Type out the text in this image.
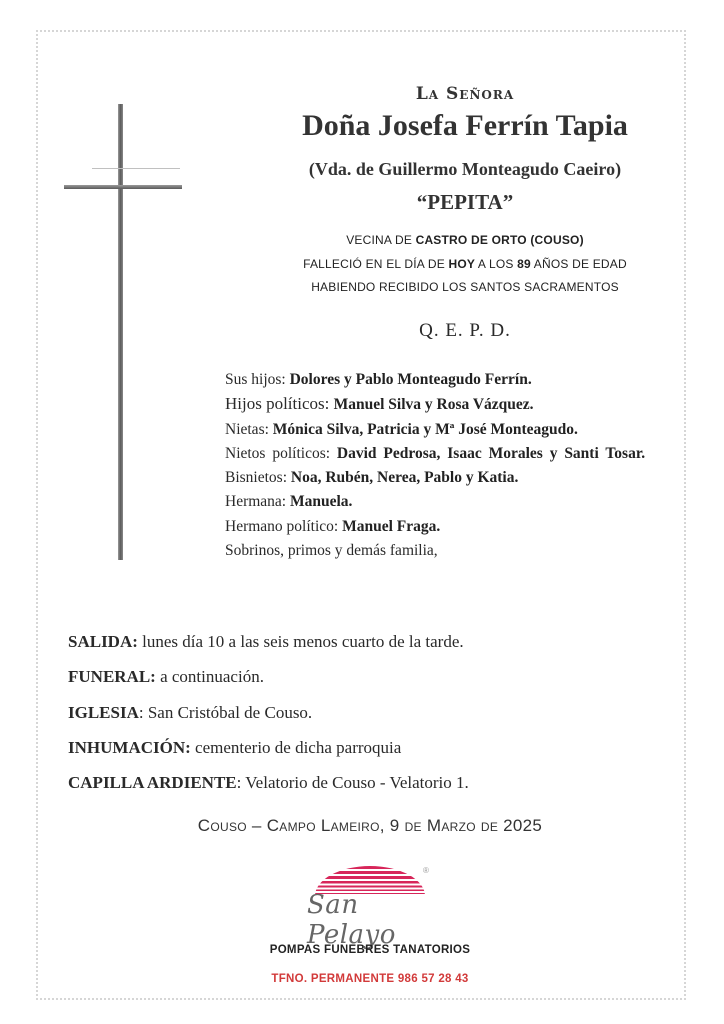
La Señora
Doña Josefa Ferrín Tapia
(Vda. de Guillermo Monteagudo Caeiro)
“PEPITA”
VECINA DE CASTRO DE ORTO (COUSO)
FALLECIÓ EN EL DÍA DE HOY A LOS 89 AÑOS DE EDAD
HABIENDO RECIBIDO LOS SANTOS SACRAMENTOS
Q. E. P. D.
Sus hijos: Dolores y Pablo Monteagudo Ferrín.
Hijos políticos: Manuel Silva y Rosa Vázquez.
Nietas: Mónica Silva, Patricia y Mª José Monteagudo.
Nietos políticos: David Pedrosa, Isaac Morales y Santi Tosar.
Bisnietos: Noa, Rubén, Nerea, Pablo y Katia.
Hermana: Manuela.
Hermano político: Manuel Fraga.
Sobrinos, primos y demás familia,
SALIDA: lunes día 10 a las seis menos cuarto de la tarde.
FUNERAL: a continuación.
IGLESIA: San Cristóbal de Couso.
INHUMACIÓN: cementerio de dicha parroquia
CAPILLA ARDIENTE: Velatorio de Couso - Velatorio 1.
Couso – Campo Lameiro, 9 de Marzo de 2025
®
San Pelayo
POMPAS FUNEBRES TANATORIOS
TFNO. PERMANENTE 986 57 28 43
